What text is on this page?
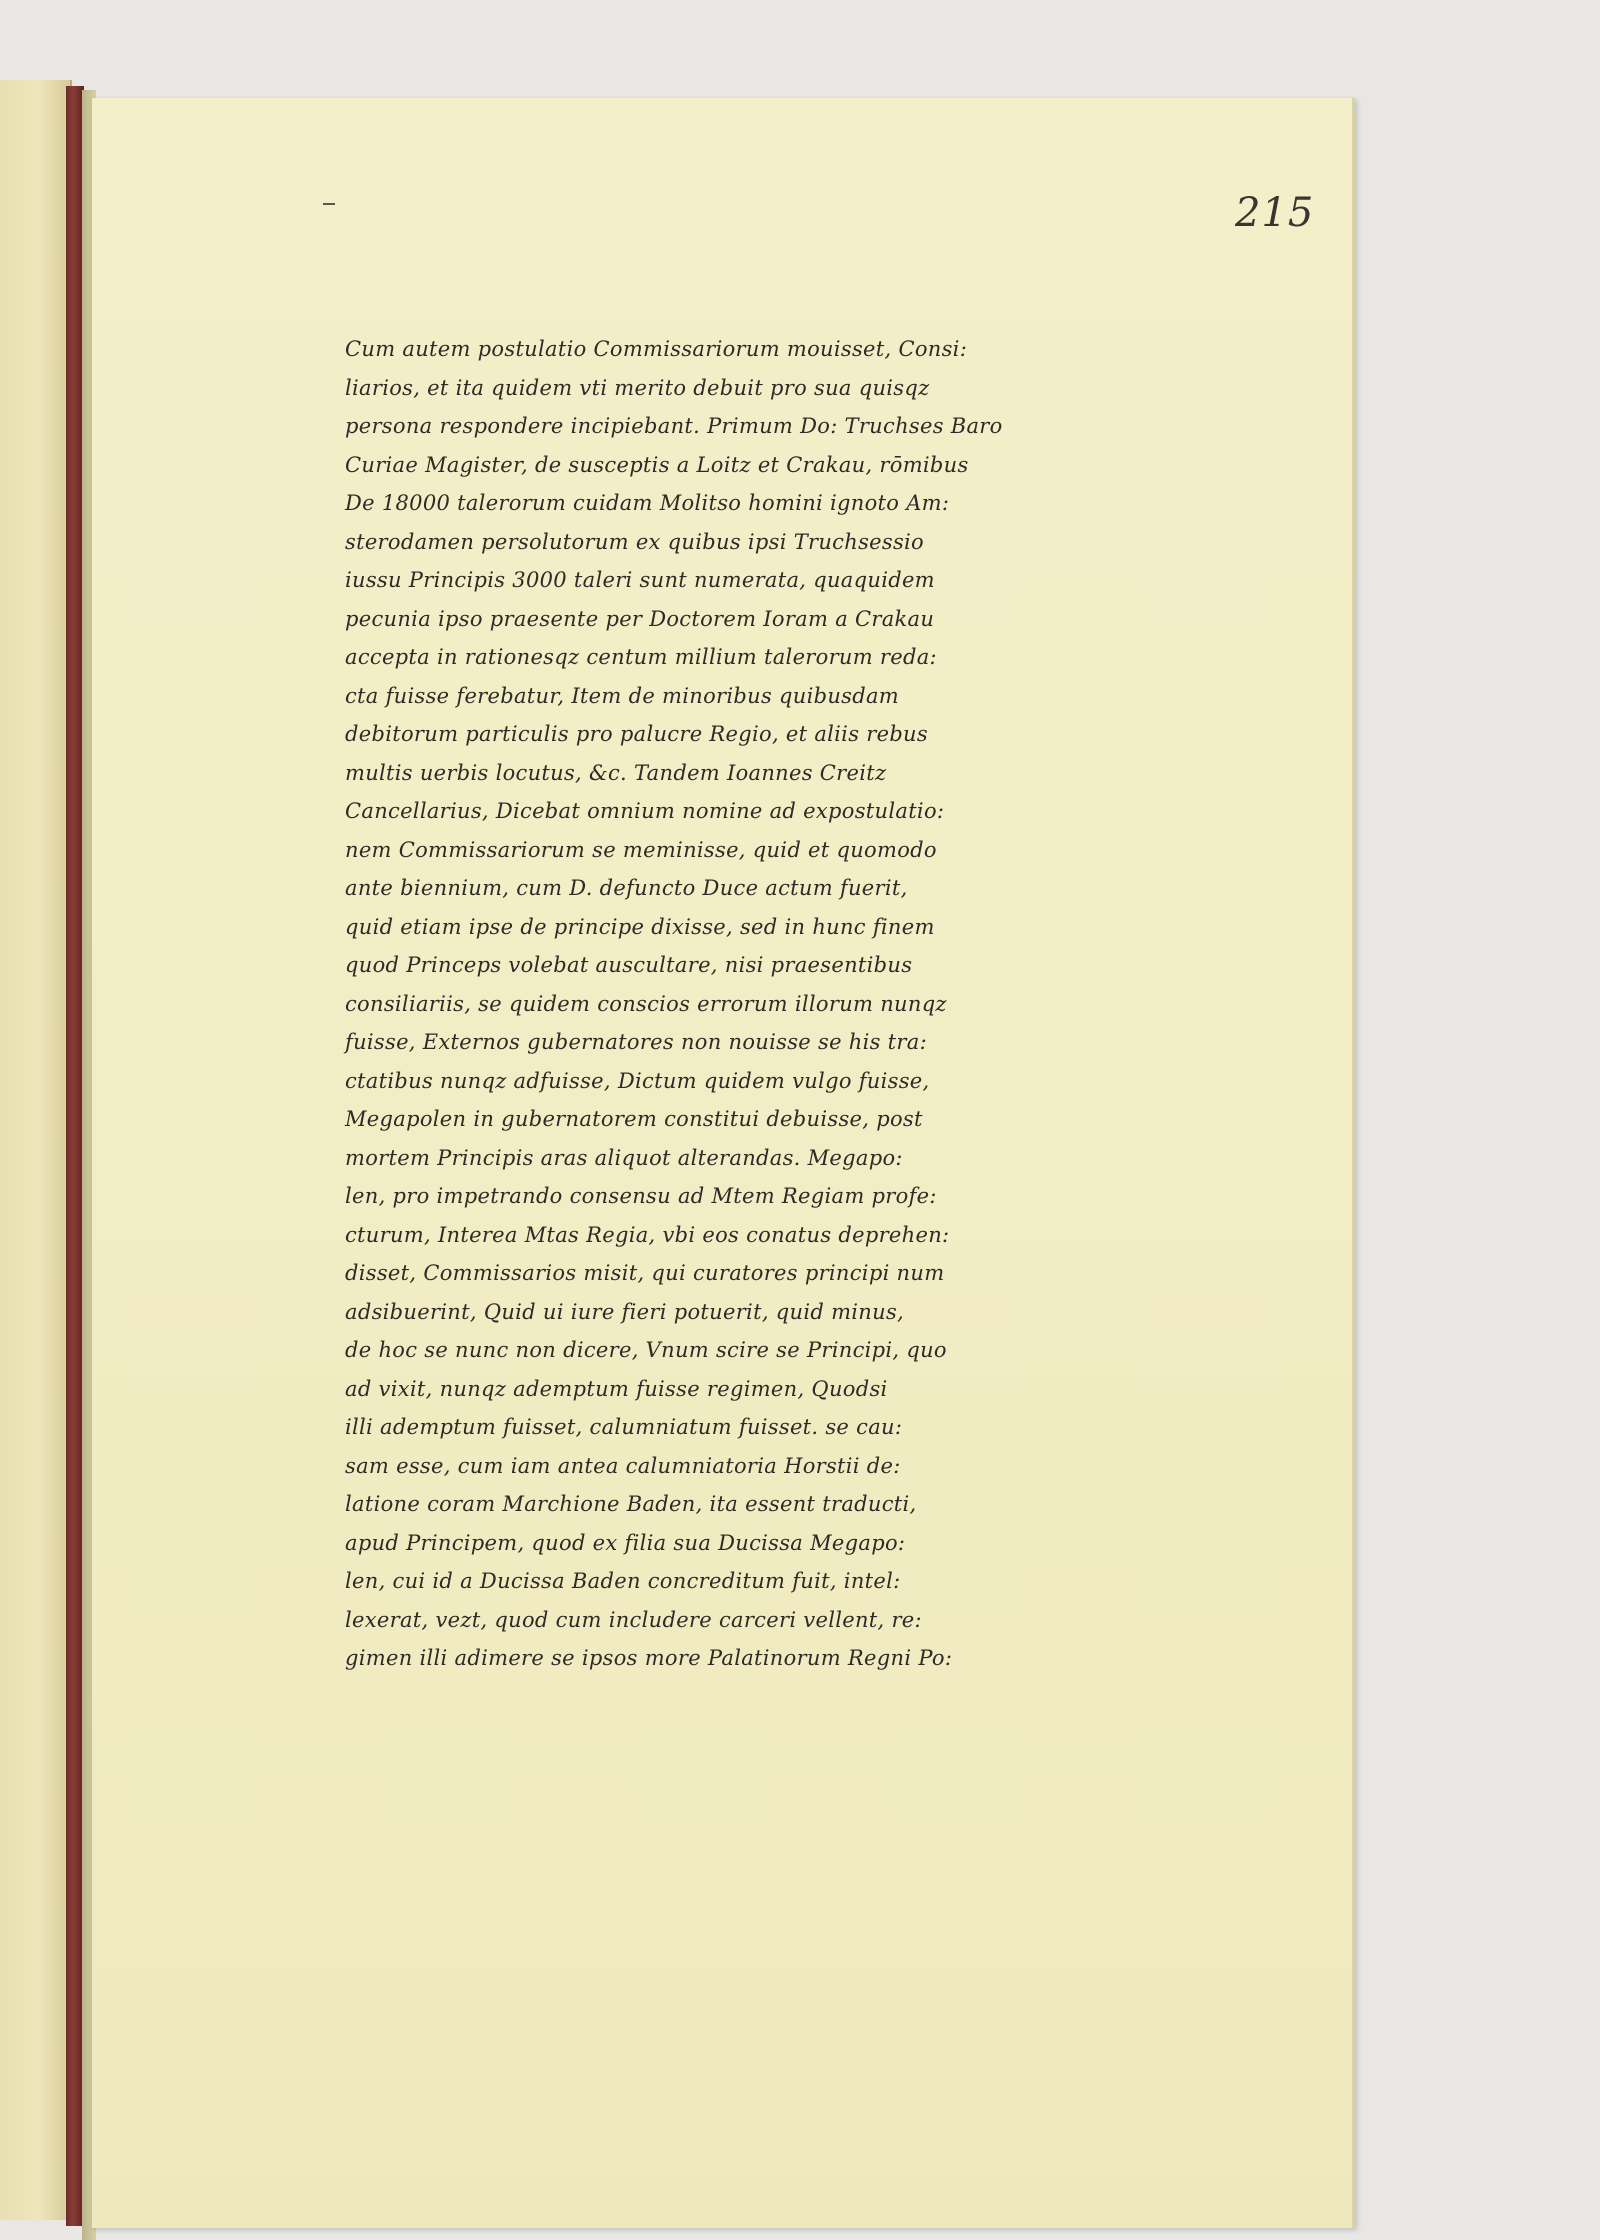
215
Cum autem postulatio Commissariorum mouisset, Consi:
liarios, et ita quidem vti merito debuit pro sua quisqz
persona respondere incipiebant. Primum Do: Truchses Baro
Curiae Magister, de susceptis a Loitz et Crakau, rōmibus
De 18000 talerorum cuidam Molitso homini ignoto Am:
sterodamen persolutorum ex quibus ipsi Truchsessio
iussu Principis 3000 taleri sunt numerata, quaquidem
pecunia ipso praesente per Doctorem Ioram a Crakau
accepta in rationesqz centum millium talerorum reda:
cta fuisse ferebatur, Item de minoribus quibusdam
debitorum particulis pro palucre Regio, et aliis rebus
multis uerbis locutus, &c. Tandem Ioannes Creitz
Cancellarius, Dicebat omnium nomine ad expostulatio:
nem Commissariorum se meminisse, quid et quomodo
ante biennium, cum D. defuncto Duce actum fuerit,
quid etiam ipse de principe dixisse, sed in hunc finem
quod Princeps volebat auscultare, nisi praesentibus
consiliariis, se quidem conscios errorum illorum nunqz
fuisse, Externos gubernatores non nouisse se his tra:
ctatibus nunqz adfuisse, Dictum quidem vulgo fuisse,
Megapolen in gubernatorem constitui debuisse, post
mortem Principis aras aliquot alterandas. Megapo:
len, pro impetrando consensu ad Mtem Regiam profe:
cturum, Interea Mtas Regia, vbi eos conatus deprehen:
disset, Commissarios misit, qui curatores principi num
adsibuerint, Quid ui iure fieri potuerit, quid minus,
de hoc se nunc non dicere, Vnum scire se Principi, quo
ad vixit, nunqz ademptum fuisse regimen, Quodsi
illi ademptum fuisset, calumniatum fuisset. se cau:
sam esse, cum iam antea calumniatoria Horstii de:
latione coram Marchione Baden, ita essent traducti,
apud Principem, quod ex filia sua Ducissa Megapo:
len, cui id a Ducissa Baden concreditum fuit, intel:
lexerat, vezt, quod cum includere carceri vellent, re:
gimen illi adimere se ipsos more Palatinorum Regni Po:
